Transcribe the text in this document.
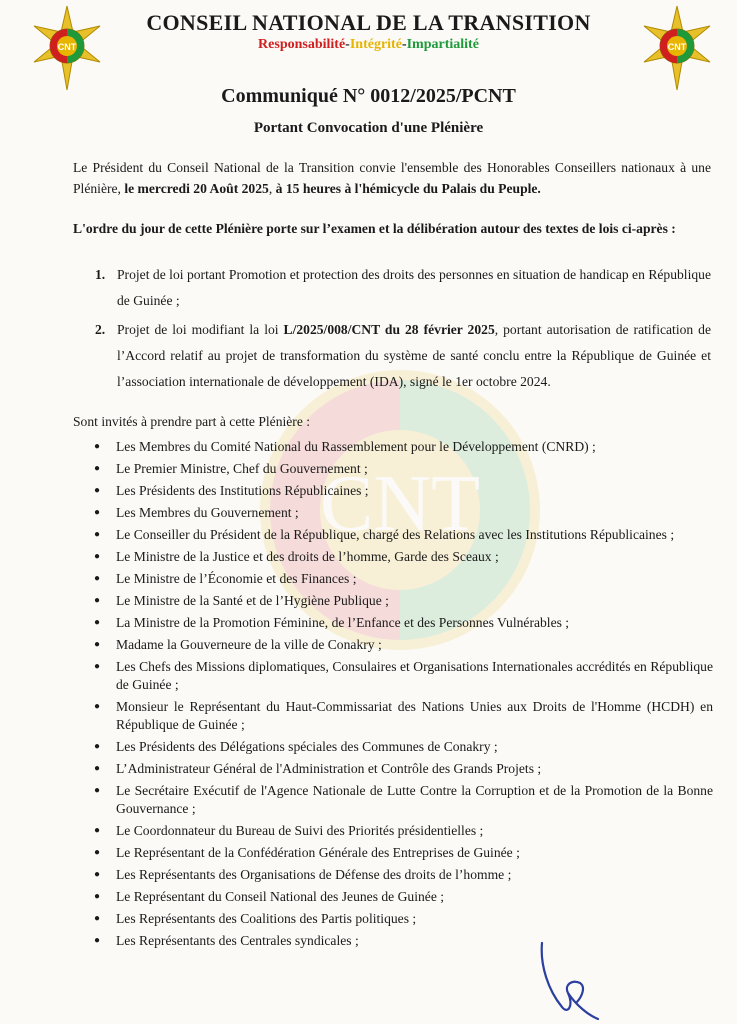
CNT
CNT	CNT
CONSEIL NATIONAL DE LA TRANSITION
Responsabilité-Intégrité-Impartialité
Communiqué N° 0012/2025/PCNT
Portant Convocation d'une Plénière
Le Président du Conseil National de la Transition convie l'ensemble des Honorables Conseillers nationaux à une Plénière, le mercredi 20 Août 2025, à 15 heures à l'hémicycle du Palais du Peuple.
L'ordre du jour de cette Plénière porte sur l’examen et la délibération autour des textes de lois ci-après :
1. Projet de loi portant Promotion et protection des droits des personnes en situation de handicap en République de Guinée ;
2. Projet de loi modifiant la loi L/2025/008/CNT du 28 février 2025, portant autorisation de ratification de l’Accord relatif au projet de transformation du système de santé conclu entre la République de Guinée et l’association internationale de développement (IDA), signé le 1er octobre 2024.
Sont invités à prendre part à cette Plénière :
● Les Membres du Comité National du Rassemblement pour le Développement (CNRD) ;
● Le Premier Ministre, Chef du Gouvernement ;
● Les Présidents des Institutions Républicaines ;
● Les Membres du Gouvernement ;
● Le Conseiller du Président de la République, chargé des Relations avec les Institutions Républicaines ;
● Le Ministre de la Justice et des droits de l’homme, Garde des Sceaux ;
● Le Ministre de l’Économie et des Finances ;
● Le Ministre de la Santé et de l’Hygiène Publique ;
● La Ministre de la Promotion Féminine, de l’Enfance et des Personnes Vulnérables ;
● Madame la Gouverneure de la ville de Conakry ;
● Les Chefs des Missions diplomatiques, Consulaires et Organisations Internationales accrédités en République de Guinée ;
● Monsieur le Représentant du Haut-Commissariat des Nations Unies aux Droits de l'Homme (HCDH) en République de Guinée ;
● Les Présidents des Délégations spéciales des Communes de Conakry ;
● L’Administrateur Général de l'Administration et Contrôle des Grands Projets ;
● Le Secrétaire Exécutif de l'Agence Nationale de Lutte Contre la Corruption et de la Promotion de la Bonne Gouvernance ;
● Le Coordonnateur du Bureau de Suivi des Priorités présidentielles ;
● Le Représentant de la Confédération Générale des Entreprises de Guinée ;
● Les Représentants des Organisations de Défense des droits de l’homme ;
● Le Représentant du Conseil National des Jeunes de Guinée ;
● Les Représentants des Coalitions des Partis politiques ;
● Les Représentants des Centrales syndicales ;
